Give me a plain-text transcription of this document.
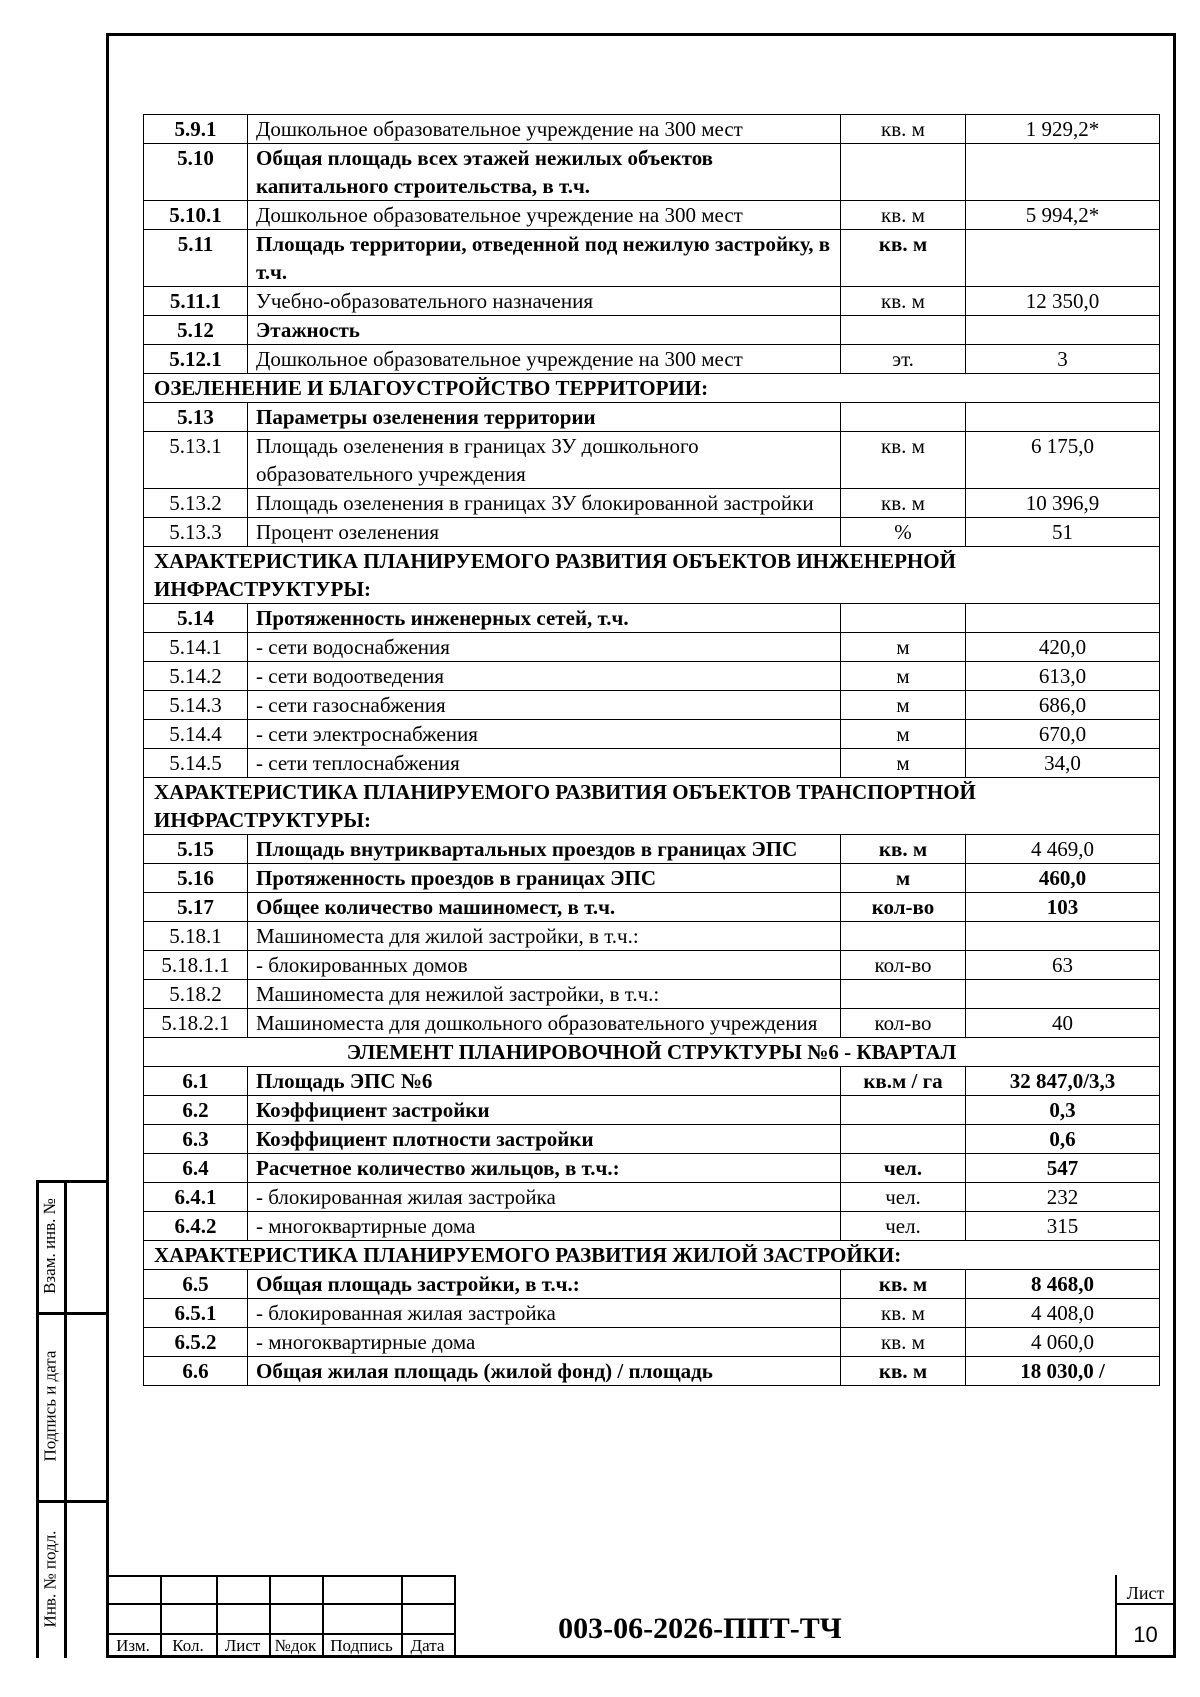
Взам. инв. №
Подпись и дата
Инв. № подл.
5.9.1	Дошкольное образовательное учреждение на 300 мест	кв. м	1 929,2*
5.10	Общая площадь всех этажей нежилых объектов капитального строительства, в т.ч.		
5.10.1	Дошкольное образовательное учреждение на 300 мест	кв. м	5 994,2*
5.11	Площадь территории, отведенной под нежилую застройку, в т.ч.	кв. м	
5.11.1	Учебно-образовательного назначения	кв. м	12 350,0
5.12	Этажность		
5.12.1	Дошкольное образовательное учреждение на 300 мест	эт.	3
ОЗЕЛЕНЕНИЕ И БЛАГОУСТРОЙСТВО ТЕРРИТОРИИ:			
5.13	Параметры озеленения территории		
5.13.1	Площадь озеленения в границах ЗУ дошкольного образовательного учреждения	кв. м	6 175,0
5.13.2	Площадь озеленения в границах ЗУ блокированной застройки	кв. м	10 396,9
5.13.3	Процент озеленения	%	51
ХАРАКТЕРИСТИКА ПЛАНИРУЕМОГО РАЗВИТИЯ ОБЪЕКТОВ ИНЖЕНЕРНОЙ ИНФРАСТРУКТУРЫ:			
5.14	Протяженность инженерных сетей, т.ч.		
5.14.1	- сети водоснабжения	м	420,0
5.14.2	- сети водоотведения	м	613,0
5.14.3	- сети газоснабжения	м	686,0
5.14.4	- сети электроснабжения	м	670,0
5.14.5	- сети теплоснабжения	м	34,0
ХАРАКТЕРИСТИКА ПЛАНИРУЕМОГО РАЗВИТИЯ ОБЪЕКТОВ ТРАНСПОРТНОЙ ИНФРАСТРУКТУРЫ:			
5.15	Площадь внутриквартальных проездов в границах ЭПС	кв. м	4 469,0
5.16	Протяженность проездов в границах ЭПС	м	460,0
5.17	Общее количество машиномест, в т.ч.	кол-во	103
5.18.1	Машиноместа для жилой застройки, в т.ч.:		
5.18.1.1	- блокированных домов	кол-во	63
5.18.2	Машиноместа для нежилой застройки, в т.ч.:		
5.18.2.1	Машиноместа для дошкольного образовательного учреждения	кол-во	40
ЭЛЕМЕНТ ПЛАНИРОВОЧНОЙ СТРУКТУРЫ №6 - КВАРТАЛ			
6.1	Площадь ЭПС №6	кв.м / га	32 847,0/3,3
6.2	Коэффициент застройки		0,3
6.3	Коэффициент плотности застройки		0,6
6.4	Расчетное количество жильцов, в т.ч.:	чел.	547
6.4.1	- блокированная жилая застройка	чел.	232
6.4.2	- многоквартирные дома	чел.	315
ХАРАКТЕРИСТИКА ПЛАНИРУЕМОГО РАЗВИТИЯ ЖИЛОЙ ЗАСТРОЙКИ:			
6.5	Общая площадь застройки, в т.ч.:	кв. м	8 468,0
6.5.1	- блокированная жилая застройка	кв. м	4 408,0
6.5.2	- многоквартирные дома	кв. м	4 060,0
6.6	Общая жилая площадь (жилой фонд) / площадь	кв. м	18 030,0 /
Изм.	Кол.	Лист №док Подпись	Дата
003-06-2026-ППТ-ТЧ
Лист
10
